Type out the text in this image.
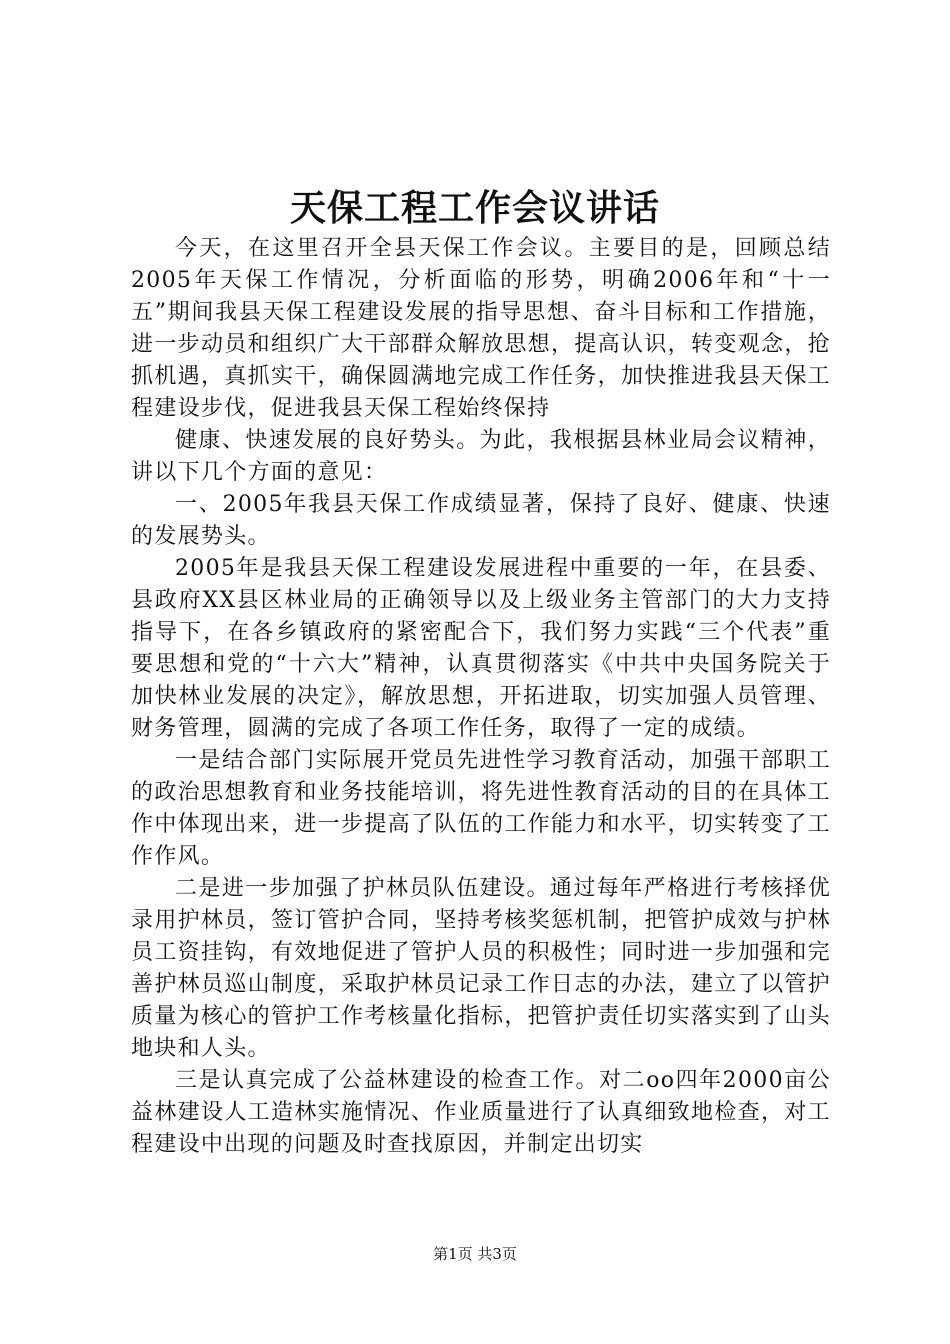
天保工程工作会议讲话

今天，在这里召开全县天保工作会议。主要目的是，回顾总结2005年天保工作情况，分析面临的形势，明确2006年和“十一五”期间我县天保工程建设发展的指导思想、奋斗目标和工作措施，进一步动员和组织广大干部群众解放思想，提高认识，转变观念，抢抓机遇，真抓实干，确保圆满地完成工作任务，加快推进我县天保工程建设步伐，促进我县天保工程始终保持

健康、快速发展的良好势头。为此，我根据县林业局会议精神，讲以下几个方面的意见：

一、2005年我县天保工作成绩显著，保持了良好、健康、快速的发展势头。

2005年是我县天保工程建设发展进程中重要的一年，在县委、县政府XX县区林业局的正确领导以及上级业务主管部门的大力支持指导下，在各乡镇政府的紧密配合下，我们努力实践“三个代表”重要思想和党的“十六大”精神，认真贯彻落实《中共中央国务院关于加快林业发展的决定》，解放思想，开拓进取，切实加强人员管理、财务管理，圆满的完成了各项工作任务，取得了一定的成绩。

一是结合部门实际展开党员先进性学习教育活动，加强干部职工的政治思想教育和业务技能培训，将先进性教育活动的目的在具体工作中体现出来，进一步提高了队伍的工作能力和水平，切实转变了工作作风。

二是进一步加强了护林员队伍建设。通过每年严格进行考核择优录用护林员，签订管护合同，坚持考核奖惩机制，把管护成效与护林员工资挂钩，有效地促进了管护人员的积极性；同时进一步加强和完善护林员巡山制度，采取护林员记录工作日志的办法，建立了以管护质量为核心的管护工作考核量化指标，把管护责任切实落实到了山头地块和人头。

三是认真完成了公益林建设的检查工作。对二oo四年2000亩公益林建设人工造林实施情况、作业质量进行了认真细致地检查，对工程建设中出现的问题及时查找原因，并制定出切实

第1页 共3页
